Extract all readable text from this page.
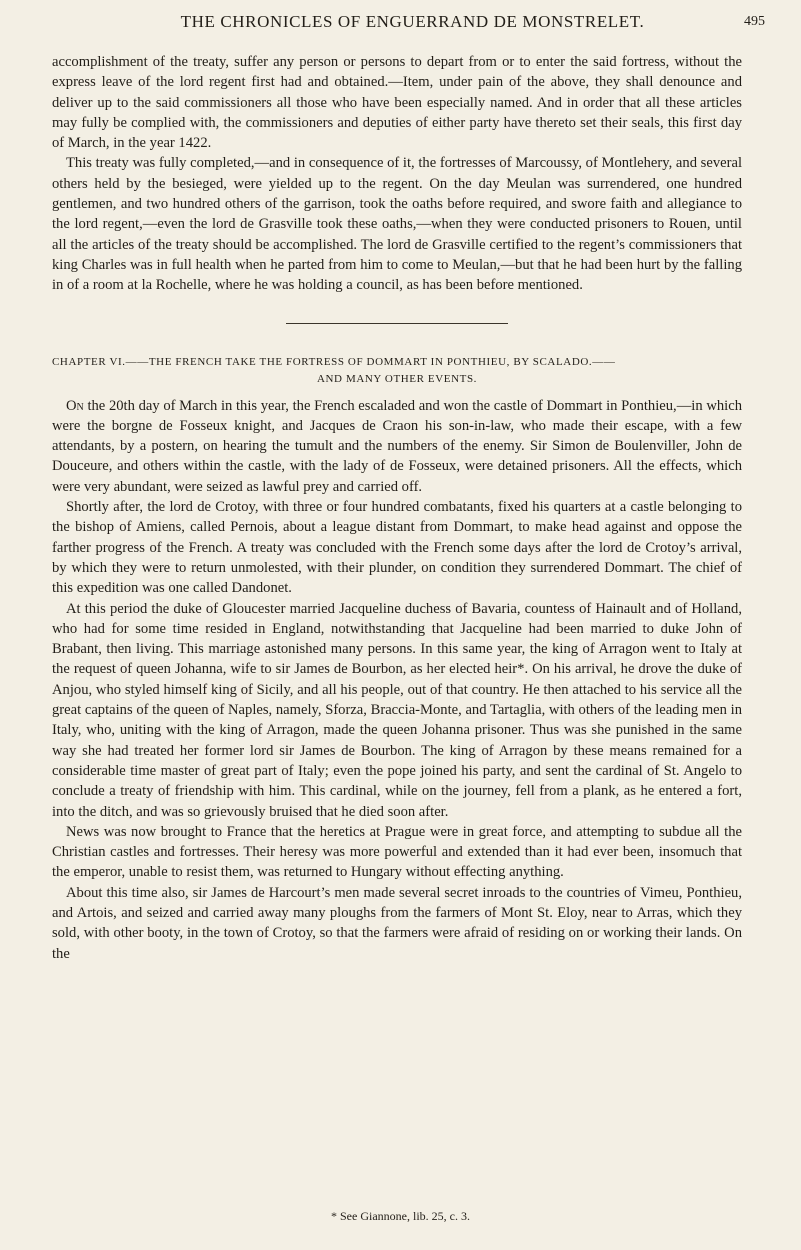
THE CHRONICLES OF ENGUERRAND DE MONSTRELET.	495

accomplishment of the treaty, suffer any person or persons to depart from or to enter the said fortress, without the express leave of the lord regent first had and obtained.—Item, under pain of the above, they shall denounce and deliver up to the said commissioners all those who have been especially named. And in order that all these articles may fully be complied with, the commissioners and deputies of either party have thereto set their seals, this first day of March, in the year 1422.

This treaty was fully completed,—and in consequence of it, the fortresses of Marcoussy, of Montlehery, and several others held by the besieged, were yielded up to the regent. On the day Meulan was surrendered, one hundred gentlemen, and two hundred others of the garrison, took the oaths before required, and swore faith and allegiance to the lord regent,—even the lord de Grasville took these oaths,—when they were conducted prisoners to Rouen, until all the articles of the treaty should be accomplished. The lord de Grasville certified to the regent’s commissioners that king Charles was in full health when he parted from him to come to Meulan,—but that he had been hurt by the falling in of a room at la Rochelle, where he was holding a council, as has been before mentioned.

CHAPTER VI.——THE FRENCH TAKE THE FORTRESS OF DOMMART IN PONTHIEU, BY SCALADO.——
AND MANY OTHER EVENTS.

On the 20th day of March in this year, the French escaladed and won the castle of Dommart in Ponthieu,—in which were the borgne de Fosseux knight, and Jacques de Craon his son-in-law, who made their escape, with a few attendants, by a postern, on hearing the tumult and the numbers of the enemy. Sir Simon de Boulenviller, John de Douceure, and others within the castle, with the lady of de Fosseux, were detained prisoners. All the effects, which were very abundant, were seized as lawful prey and carried off.

Shortly after, the lord de Crotoy, with three or four hundred combatants, fixed his quarters at a castle belonging to the bishop of Amiens, called Pernois, about a league distant from Dommart, to make head against and oppose the farther progress of the French. A treaty was concluded with the French some days after the lord de Crotoy’s arrival, by which they were to return unmolested, with their plunder, on condition they surrendered Dommart. The chief of this expedition was one called Dandonet.

At this period the duke of Gloucester married Jacqueline duchess of Bavaria, countess of Hainault and of Holland, who had for some time resided in England, notwithstanding that Jacqueline had been married to duke John of Brabant, then living. This marriage astonished many persons. In this same year, the king of Arragon went to Italy at the request of queen Johanna, wife to sir James de Bourbon, as her elected heir*. On his arrival, he drove the duke of Anjou, who styled himself king of Sicily, and all his people, out of that country. He then attached to his service all the great captains of the queen of Naples, namely, Sforza, Braccia-Monte, and Tartaglia, with others of the leading men in Italy, who, uniting with the king of Arragon, made the queen Johanna prisoner. Thus was she punished in the same way she had treated her former lord sir James de Bourbon. The king of Arragon by these means remained for a considerable time master of great part of Italy; even the pope joined his party, and sent the cardinal of St. Angelo to conclude a treaty of friendship with him. This cardinal, while on the journey, fell from a plank, as he entered a fort, into the ditch, and was so grievously bruised that he died soon after.

News was now brought to France that the heretics at Prague were in great force, and attempting to subdue all the Christian castles and fortresses. Their heresy was more powerful and extended than it had ever been, insomuch that the emperor, unable to resist them, was returned to Hungary without effecting anything.

About this time also, sir James de Harcourt’s men made several secret inroads to the countries of Vimeu, Ponthieu, and Artois, and seized and carried away many ploughs from the farmers of Mont St. Eloy, near to Arras, which they sold, with other booty, in the town of Crotoy, so that the farmers were afraid of residing on or working their lands. On the

* See Giannone, lib. 25, c. 3.
